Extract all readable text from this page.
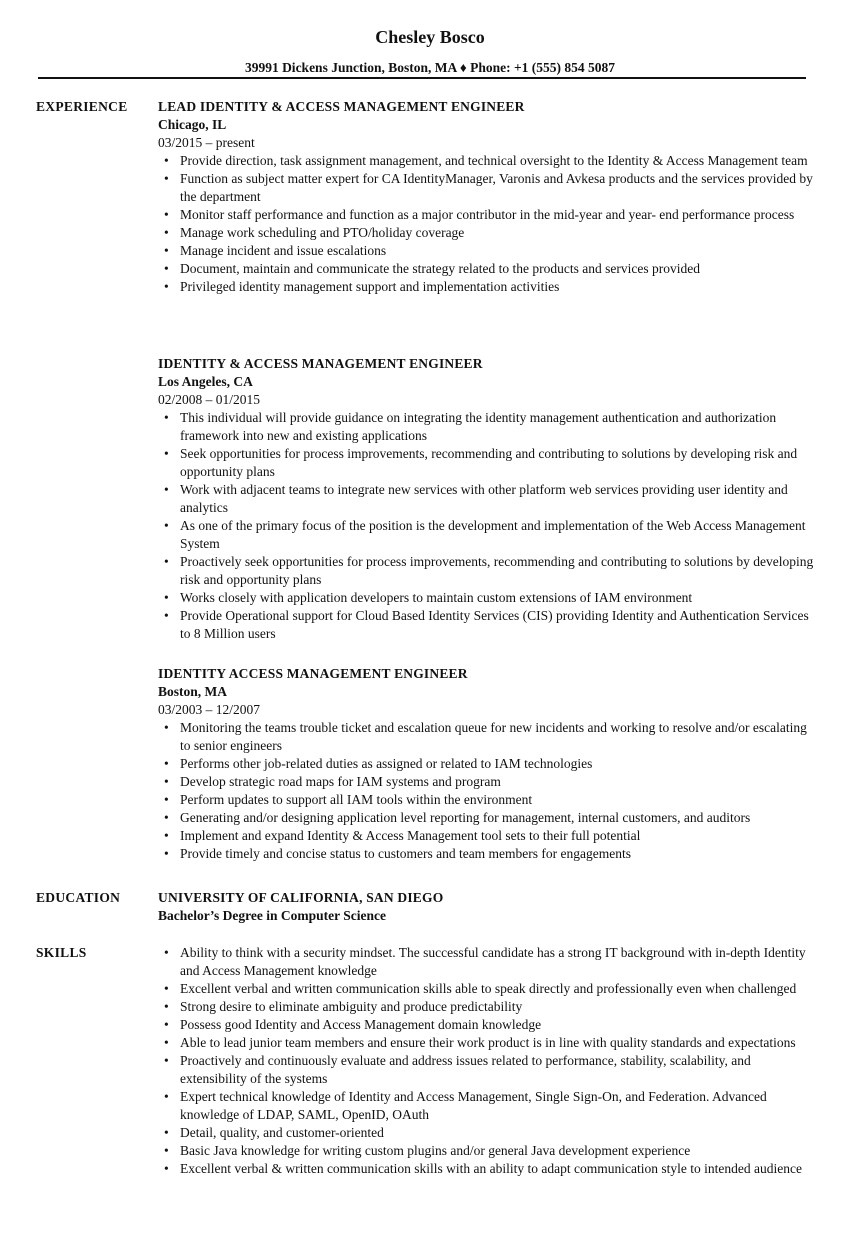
Chesley Bosco
39991 Dickens Junction, Boston, MA ♦ Phone: +1 (555) 854 5087
EXPERIENCE LEAD IDENTITY & ACCESS MANAGEMENT ENGINEER
Chicago, IL
03/2015 – present
• Provide direction, task assignment management, and technical oversight to the Identity & Access Management team
• Function as subject matter expert for CA IdentityManager, Varonis and Avkesa products and the services provided by the department
• Monitor staff performance and function as a major contributor in the mid-year and year- end performance process
• Manage work scheduling and PTO/holiday coverage
• Manage incident and issue escalations
• Document, maintain and communicate the strategy related to the products and services provided
• Privileged identity management support and implementation activities
IDENTITY & ACCESS MANAGEMENT ENGINEER
Los Angeles, CA
02/2008 – 01/2015
• This individual will provide guidance on integrating the identity management authentication and authorization framework into new and existing applications
• Seek opportunities for process improvements, recommending and contributing to solutions by developing risk and opportunity plans
• Work with adjacent teams to integrate new services with other platform web services providing user identity and analytics
• As one of the primary focus of the position is the development and implementation of the Web Access Management System
• Proactively seek opportunities for process improvements, recommending and contributing to solutions by developing risk and opportunity plans
• Works closely with application developers to maintain custom extensions of IAM environment
• Provide Operational support for Cloud Based Identity Services (CIS) providing Identity and Authentication Services to 8 Million users
IDENTITY ACCESS MANAGEMENT ENGINEER
Boston, MA
03/2003 – 12/2007
• Monitoring the teams trouble ticket and escalation queue for new incidents and working to resolve and/or escalating to senior engineers
• Performs other job-related duties as assigned or related to IAM technologies
• Develop strategic road maps for IAM systems and program
• Perform updates to support all IAM tools within the environment
• Generating and/or designing application level reporting for management, internal customers, and auditors
• Implement and expand Identity & Access Management tool sets to their full potential
• Provide timely and concise status to customers and team members for engagements
EDUCATION	UNIVERSITY OF CALIFORNIA, SAN DIEGO
Bachelor’s Degree in Computer Science
SKILLS
•	Ability to think with a security mindset. The successful candidate has a strong IT background with in-depth Identity and Access Management knowledge
• Excellent verbal and written communication skills able to speak directly and professionally even when challenged
• Strong desire to eliminate ambiguity and produce predictability
• Possess good Identity and Access Management domain knowledge
• Able to lead junior team members and ensure their work product is in line with quality standards and expectations
• Proactively and continuously evaluate and address issues related to performance, stability, scalability, and extensibility of the systems
• Expert technical knowledge of Identity and Access Management, Single Sign-On, and Federation. Advanced knowledge of LDAP, SAML, OpenID, OAuth
• Detail, quality, and customer-oriented
• Basic Java knowledge for writing custom plugins and/or general Java development experience
• Excellent verbal & written communication skills with an ability to adapt communication style to intended audience
